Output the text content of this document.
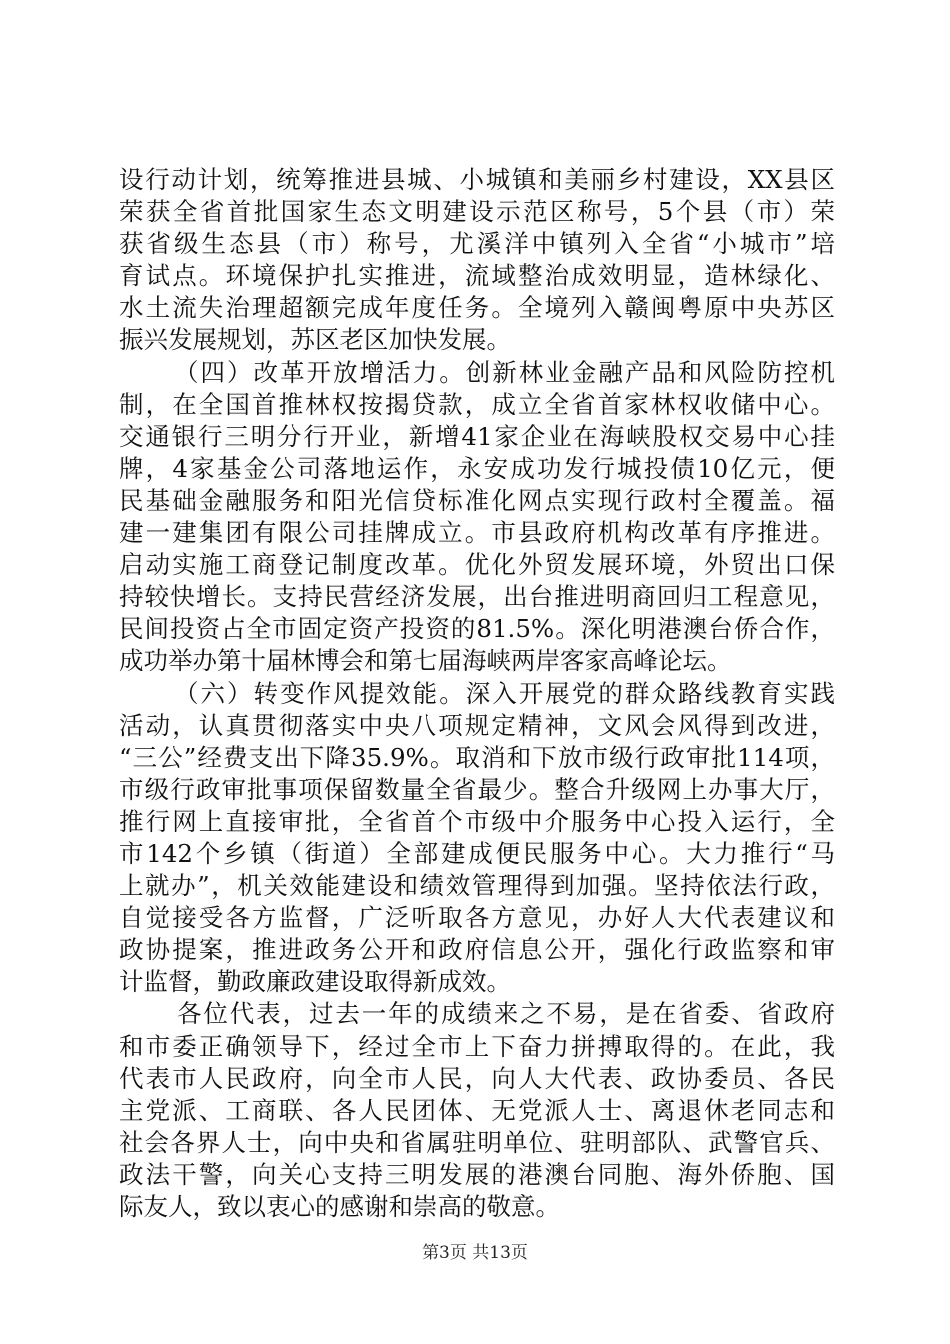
设行动计划，统筹推进县城、小城镇和美丽乡村建设，XX县区
荣获全省首批国家生态文明建设示范区称号，5个县（市）荣
获省级生态县（市）称号，尤溪洋中镇列入全省“小城市”培
育试点。环境保护扎实推进，流域整治成效明显，造林绿化、
水土流失治理超额完成年度任务。全境列入赣闽粤原中央苏区
振兴发展规划，苏区老区加快发展。
（四）改革开放增活力。创新林业金融产品和风险防控机
制，在全国首推林权按揭贷款，成立全省首家林权收储中心。
交通银行三明分行开业，新增41家企业在海峡股权交易中心挂
牌，4家基金公司落地运作，永安成功发行城投债10亿元，便
民基础金融服务和阳光信贷标准化网点实现行政村全覆盖。福
建一建集团有限公司挂牌成立。市县政府机构改革有序推进。
启动实施工商登记制度改革。优化外贸发展环境，外贸出口保
持较快增长。支持民营经济发展，出台推进明商回归工程意见，
民间投资占全市固定资产投资的81.5%。深化明港澳台侨合作，
成功举办第十届林博会和第七届海峡两岸客家高峰论坛。
（六）转变作风提效能。深入开展党的群众路线教育实践
活动，认真贯彻落实中央八项规定精神，文风会风得到改进，
“三公”经费支出下降35.9%。取消和下放市级行政审批114项，
市级行政审批事项保留数量全省最少。整合升级网上办事大厅，
推行网上直接审批，全省首个市级中介服务中心投入运行，全
市142个乡镇（街道）全部建成便民服务中心。大力推行“马
上就办”，机关效能建设和绩效管理得到加强。坚持依法行政，
自觉接受各方监督，广泛听取各方意见，办好人大代表建议和
政协提案，推进政务公开和政府信息公开，强化行政监察和审
计监督，勤政廉政建设取得新成效。
各位代表，过去一年的成绩来之不易，是在省委、省政府
和市委正确领导下，经过全市上下奋力拼搏取得的。在此，我
代表市人民政府，向全市人民，向人大代表、政协委员、各民
主党派、工商联、各人民团体、无党派人士、离退休老同志和
社会各界人士，向中央和省属驻明单位、驻明部队、武警官兵、
政法干警，向关心支持三明发展的港澳台同胞、海外侨胞、国
际友人，致以衷心的感谢和崇高的敬意。
第3页 共13页
